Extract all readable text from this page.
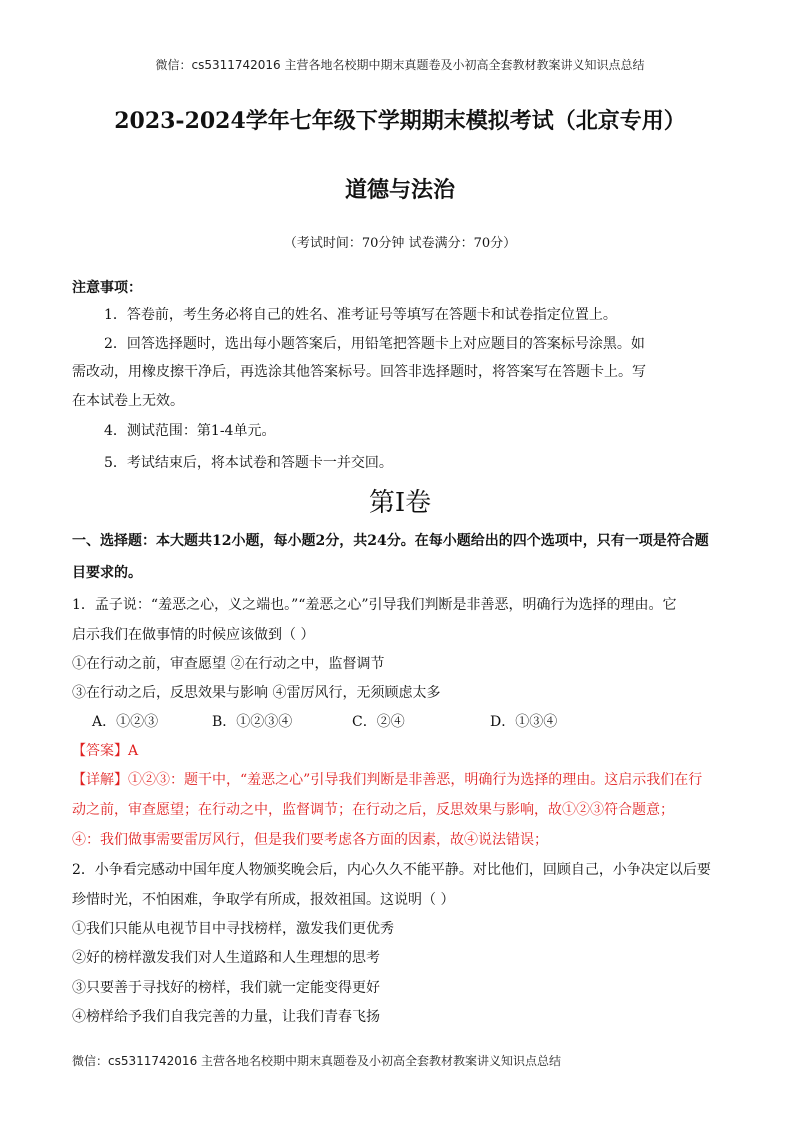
微信：cs5311742016 主营各地名校期中期末真题卷及小初高全套教材教案讲义知识点总结
2023-2024学年七年级下学期期末模拟考试（北京专用）
道德与法治
（考试时间：70分钟 试卷满分：70分）
注意事项：
1．答卷前，考生务必将自己的姓名、准考证号等填写在答题卡和试卷指定位置上。
2．回答选择题时，选出每小题答案后，用铅笔把答题卡上对应题目的答案标号涂黑。如
需改动，用橡皮擦干净后，再选涂其他答案标号。回答非选择题时，将答案写在答题卡上。写
在本试卷上无效。
4．测试范围：第1-4单元。
5．考试结束后，将本试卷和答题卡一并交回。
第Ⅰ卷
一、选择题：本大题共12小题，每小题2分，共24分。在每小题给出的四个选项中，只有一项是符合题
目要求的。
1．孟子说：“羞恶之心，义之端也。”“羞恶之心”引导我们判断是非善恶，明确行为选择的理由。它
启示我们在做事情的时候应该做到（ ）
①在行动之前，审查愿望 ②在行动之中，监督调节
③在行动之后，反思效果与影响 ④雷厉风行，无须顾虑太多
A．①②③	B．①②③④	C．②④	D．①③④
【答案】A
【详解】①②③：题干中，“羞恶之心”引导我们判断是非善恶，明确行为选择的理由。这启示我们在行
动之前，审查愿望；在行动之中，监督调节；在行动之后，反思效果与影响，故①②③符合题意；
④：我们做事需要雷厉风行，但是我们要考虑各方面的因素，故④说法错误；
2．小争看完感动中国年度人物颁奖晚会后，内心久久不能平静。对比他们，回顾自己，小争决定以后要
珍惜时光，不怕困难，争取学有所成，报效祖国。这说明（ ）
①我们只能从电视节目中寻找榜样，激发我们更优秀
②好的榜样激发我们对人生道路和人生理想的思考
③只要善于寻找好的榜样，我们就一定能变得更好
④榜样给予我们自我完善的力量，让我们青春飞扬
微信：cs5311742016 主营各地名校期中期末真题卷及小初高全套教材教案讲义知识点总结
